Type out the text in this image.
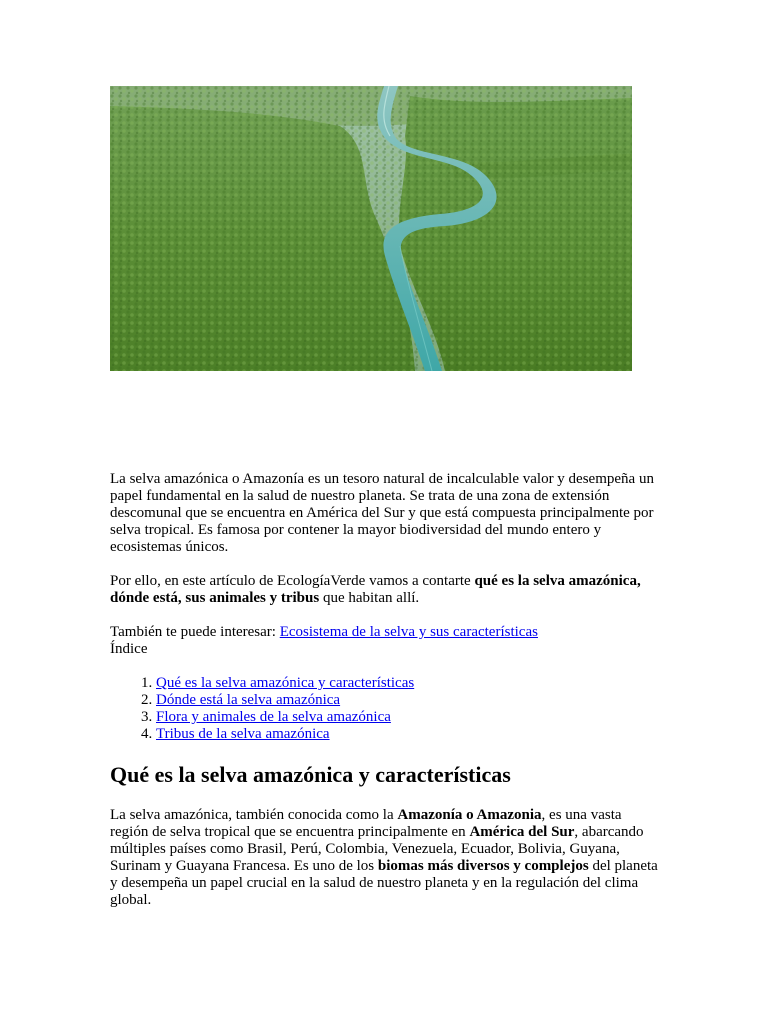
La selva amazónica o Amazonía es un tesoro natural de incalculable valor y desempeña un papel fundamental en la salud de nuestro planeta. Se trata de una zona de extensión descomunal que se encuentra en América del Sur y que está compuesta principalmente por selva tropical. Es famosa por contener la mayor biodiversidad del mundo entero y ecosistemas únicos.

Por ello, en este artículo de EcologíaVerde vamos a contarte qué es la selva amazónica, dónde está, sus animales y tribus que habitan allí.

También te puede interesar: Ecosistema de la selva y sus características

Índice

1. Qué es la selva amazónica y características
2. Dónde está la selva amazónica
3. Flora y animales de la selva amazónica
4. Tribus de la selva amazónica
Qué es la selva amazónica y características

La selva amazónica, también conocida como la Amazonía o Amazonia, es una vasta región de selva tropical que se encuentra principalmente en América del Sur, abarcando múltiples países como Brasil, Perú, Colombia, Venezuela, Ecuador, Bolivia, Guyana, Surinam y Guayana Francesa. Es uno de los biomas más diversos y complejos del planeta y desempeña un papel crucial en la salud de nuestro planeta y en la regulación del clima global.
